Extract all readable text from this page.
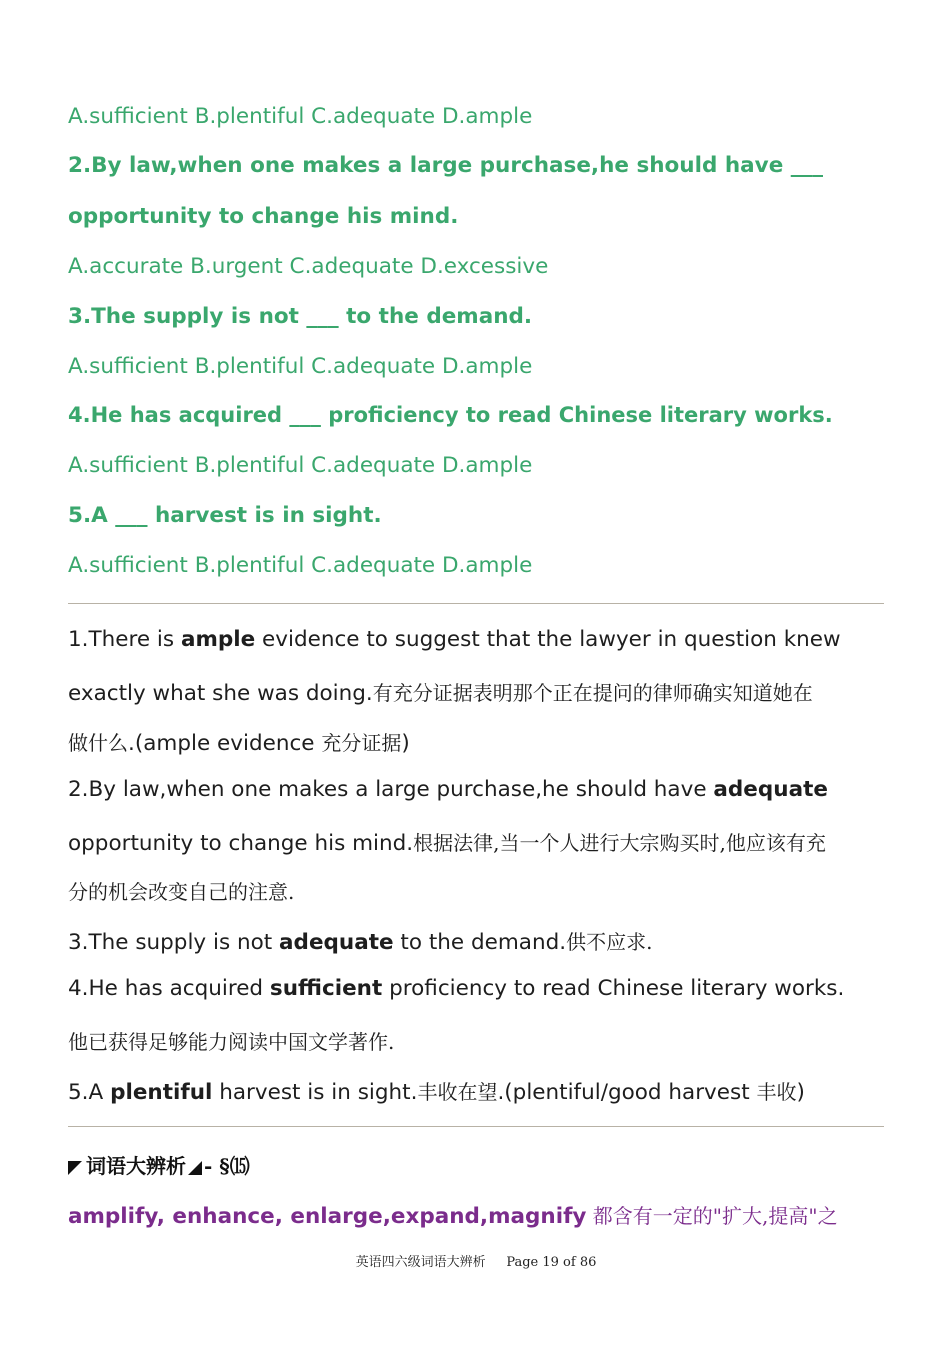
A.sufficient B.plentiful C.adequate D.ample
2.By law,when one makes a large purchase,he should have ___
opportunity to change his mind.
A.accurate B.urgent C.adequate D.excessive
3.The supply is not ___ to the demand.
A.sufficient B.plentiful C.adequate D.ample
4.He has acquired ___ proficiency to read Chinese literary works.
A.sufficient B.plentiful C.adequate D.ample
5.A ___ harvest is in sight.
A.sufficient B.plentiful C.adequate D.ample
1.There is ample evidence to suggest that the lawyer in question knew
exactly what she was doing.有充分证据表明那个正在提问的律师确实知道她在
做什么.(ample evidence 充分证据)
2.By law,when one makes a large purchase,he should have adequate
opportunity to change his mind.根据法律,当一个人进行大宗购买时,他应该有充
分的机会改变自己的注意.
3.The supply is not adequate to the demand.供不应求.
4.He has acquired sufficient proficiency to read Chinese literary works.
他已获得足够能力阅读中国文学著作.
5.A plentiful harvest is in sight.丰收在望.(plentiful/good harvest 丰收)
词语大辨析 - §⒂
amplify, enhance, enlarge,expand,magnify 都含有一定的"扩大,提高"之
英语四六级词语大辨析 Page 19 of 86
